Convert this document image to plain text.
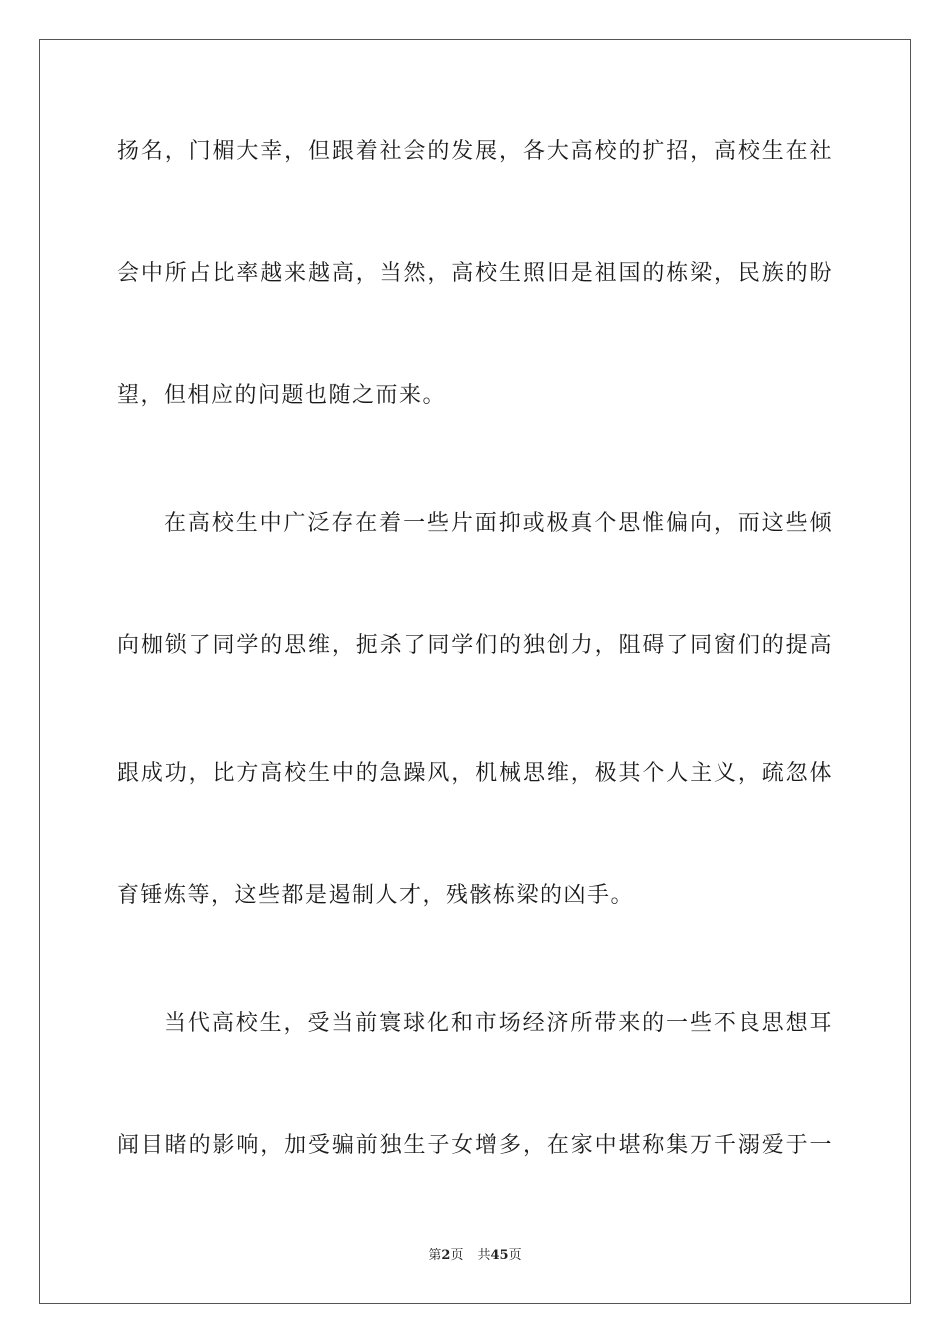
扬名，门楣大幸，但跟着社会的发展，各大高校的扩招，高校生在社
会中所占比率越来越高，当然，高校生照旧是祖国的栋梁，民族的盼
望，但相应的问题也随之而来。
在高校生中广泛存在着一些片面抑或极真个思惟偏向，而这些倾
向枷锁了同学的思维，扼杀了同学们的独创力，阻碍了同窗们的提高
跟成功，比方高校生中的急躁风，机械思维，极其个人主义，疏忽体
育锤炼等，这些都是遏制人才，残骸栋梁的凶手。
当代高校生，受当前寰球化和市场经济所带来的一些不良思想耳
闻目睹的影响，加受骗前独生子女增多，在家中堪称集万千溺爱于一
第2页 共45页
